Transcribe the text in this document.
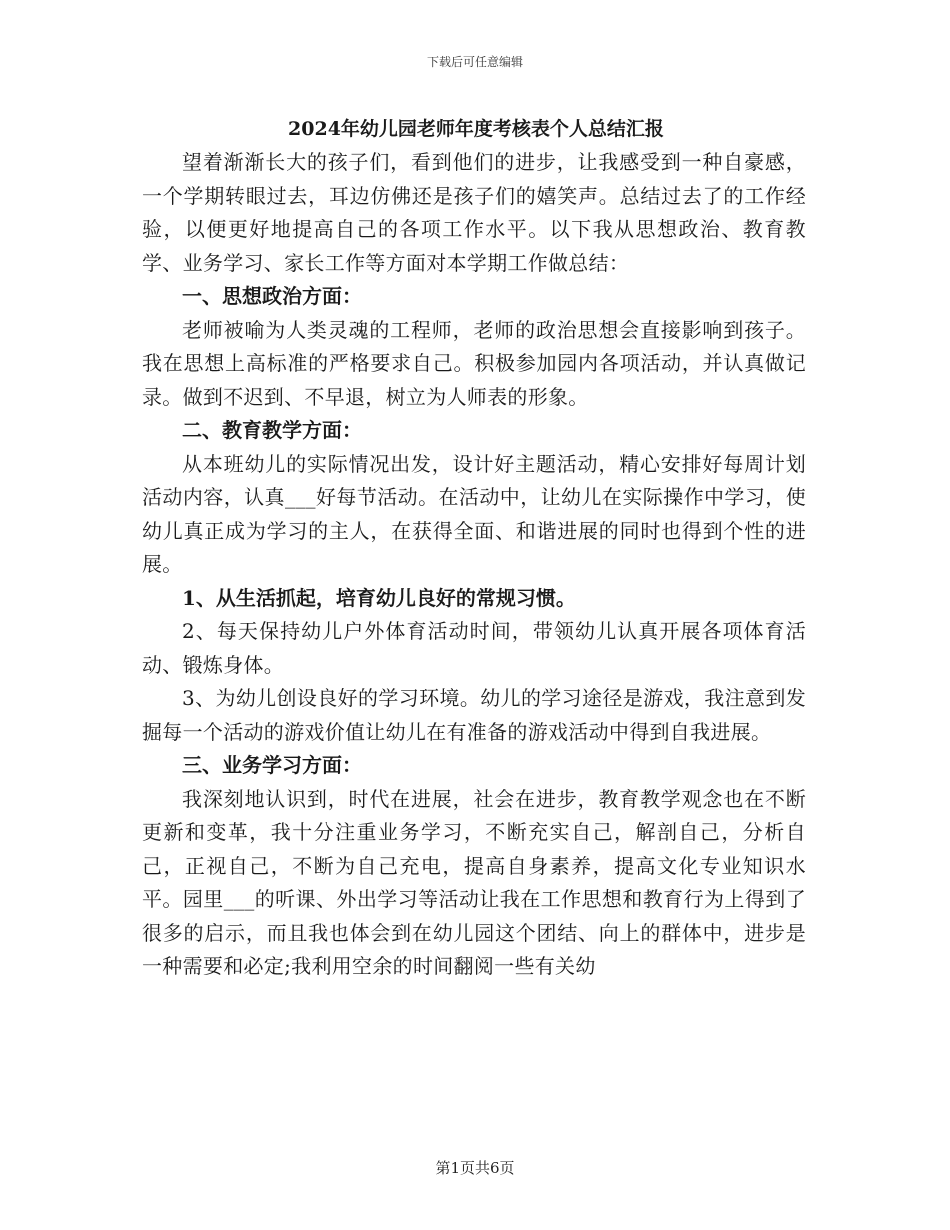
下载后可任意编辑
2024年幼儿园老师年度考核表个人总结汇报

望着渐渐长大的孩子们，看到他们的进步，让我感受到一种自豪感，一个学期转眼过去，耳边仿佛还是孩子们的嬉笑声。总结过去了的工作经验，以便更好地提高自己的各项工作水平。以下我从思想政治、教育教学、业务学习、家长工作等方面对本学期工作做总结：

一、思想政治方面：

老师被喻为人类灵魂的工程师，老师的政治思想会直接影响到孩子。我在思想上高标准的严格要求自己。积极参加园内各项活动，并认真做记录。做到不迟到、不早退，树立为人师表的形象。

二、教育教学方面：

从本班幼儿的实际情况出发，设计好主题活动，精心安排好每周计划活动内容，认真___好每节活动。在活动中，让幼儿在实际操作中学习，使幼儿真正成为学习的主人，在获得全面、和谐进展的同时也得到个性的进展。

1、从生活抓起，培育幼儿良好的常规习惯。

2、每天保持幼儿户外体育活动时间，带领幼儿认真开展各项体育活动、锻炼身体。

3、为幼儿创设良好的学习环境。幼儿的学习途径是游戏，我注意到发掘每一个活动的游戏价值让幼儿在有准备的游戏活动中得到自我进展。

三、业务学习方面：

我深刻地认识到，时代在进展，社会在进步，教育教学观念也在不断更新和变革，我十分注重业务学习，不断充实自己，解剖自己，分析自己，正视自己，不断为自己充电，提高自身素养，提高文化专业知识水平。园里___的听课、外出学习等活动让我在工作思想和教育行为上得到了很多的启示，而且我也体会到在幼儿园这个团结、向上的群体中，进步是一种需要和必定;我利用空余的时间翻阅一些有关幼

第1页共6页
